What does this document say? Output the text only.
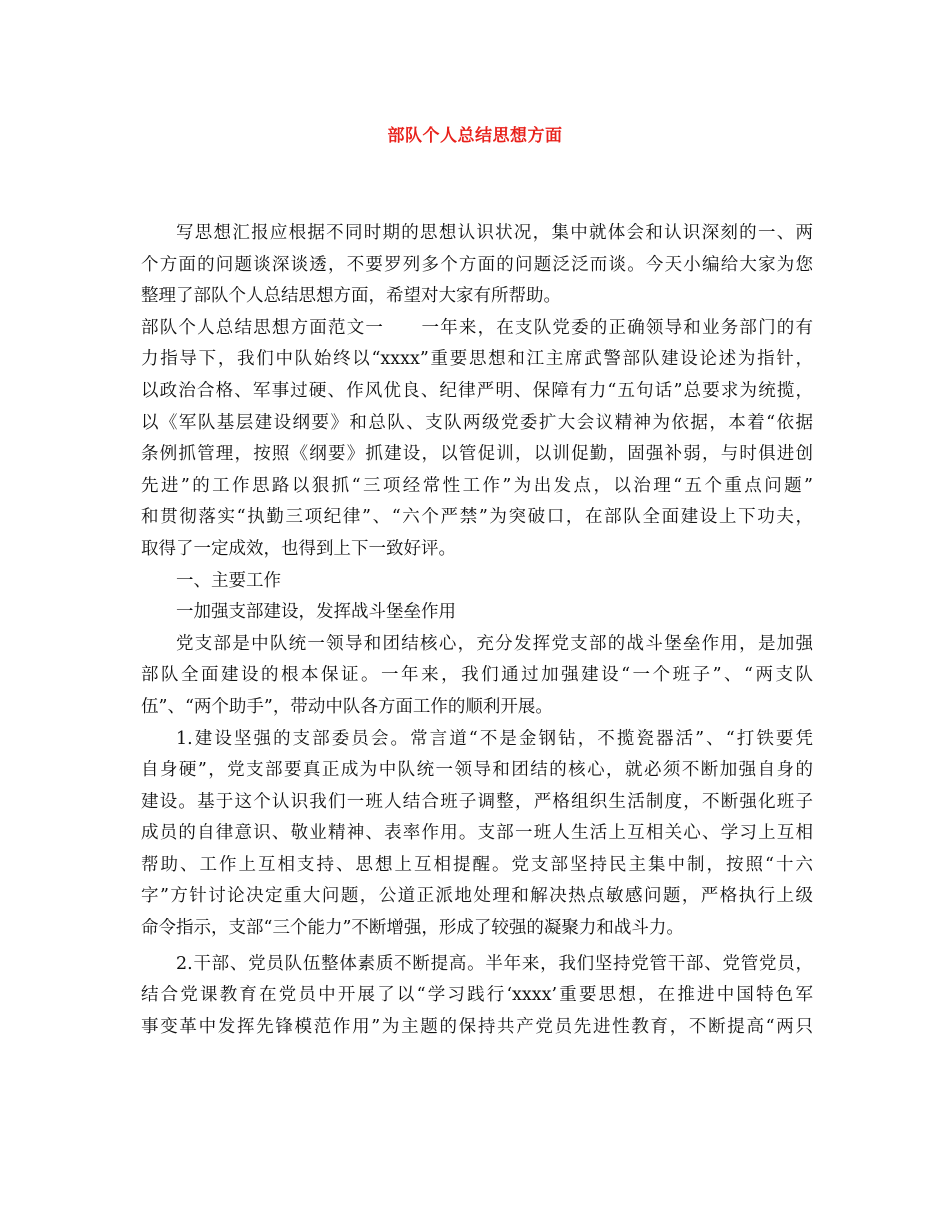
部队个人总结思想方面
写思想汇报应根据不同时期的思想认识状况，集中就体会和认识深刻的一、两
个方面的问题谈深谈透，不要罗列多个方面的问题泛泛而谈。今天小编给大家为您
整理了部队个人总结思想方面，希望对大家有所帮助。
部队个人总结思想方面范文一　　一年来，在支队党委的正确领导和业务部门的有
力指导下，我们中队始终以“xxxx”重要思想和江主席武警部队建设论述为指针，
以政治合格、军事过硬、作风优良、纪律严明、保障有力“五句话”总要求为统揽，
以《军队基层建设纲要》和总队、支队两级党委扩大会议精神为依据，本着“依据
条例抓管理，按照《纲要》抓建设，以管促训，以训促勤，固强补弱，与时俱进创
先进”的工作思路以狠抓“三项经常性工作”为出发点，以治理“五个重点问题”
和贯彻落实“执勤三项纪律”、“六个严禁”为突破口，在部队全面建设上下功夫，
取得了一定成效，也得到上下一致好评。
一、主要工作
一加强支部建设，发挥战斗堡垒作用
党支部是中队统一领导和团结核心，充分发挥党支部的战斗堡垒作用，是加强
部队全面建设的根本保证。一年来，我们通过加强建设“一个班子”、“两支队
伍”、“两个助手”，带动中队各方面工作的顺利开展。
1.建设坚强的支部委员会。常言道“不是金钢钻，不揽瓷器活”、“打铁要凭
自身硬”，党支部要真正成为中队统一领导和团结的核心，就必须不断加强自身的
建设。基于这个认识我们一班人结合班子调整，严格组织生活制度，不断强化班子
成员的自律意识、敬业精神、表率作用。支部一班人生活上互相关心、学习上互相
帮助、工作上互相支持、思想上互相提醒。党支部坚持民主集中制，按照“十六
字”方针讨论决定重大问题，公道正派地处理和解决热点敏感问题，严格执行上级
命令指示，支部“三个能力”不断增强，形成了较强的凝聚力和战斗力。
2.干部、党员队伍整体素质不断提高。半年来，我们坚持党管干部、党管党员，
结合党课教育在党员中开展了以“学习践行‘xxxx’重要思想，在推进中国特色军
事变革中发挥先锋模范作用”为主题的保持共产党员先进性教育，不断提高“两只
